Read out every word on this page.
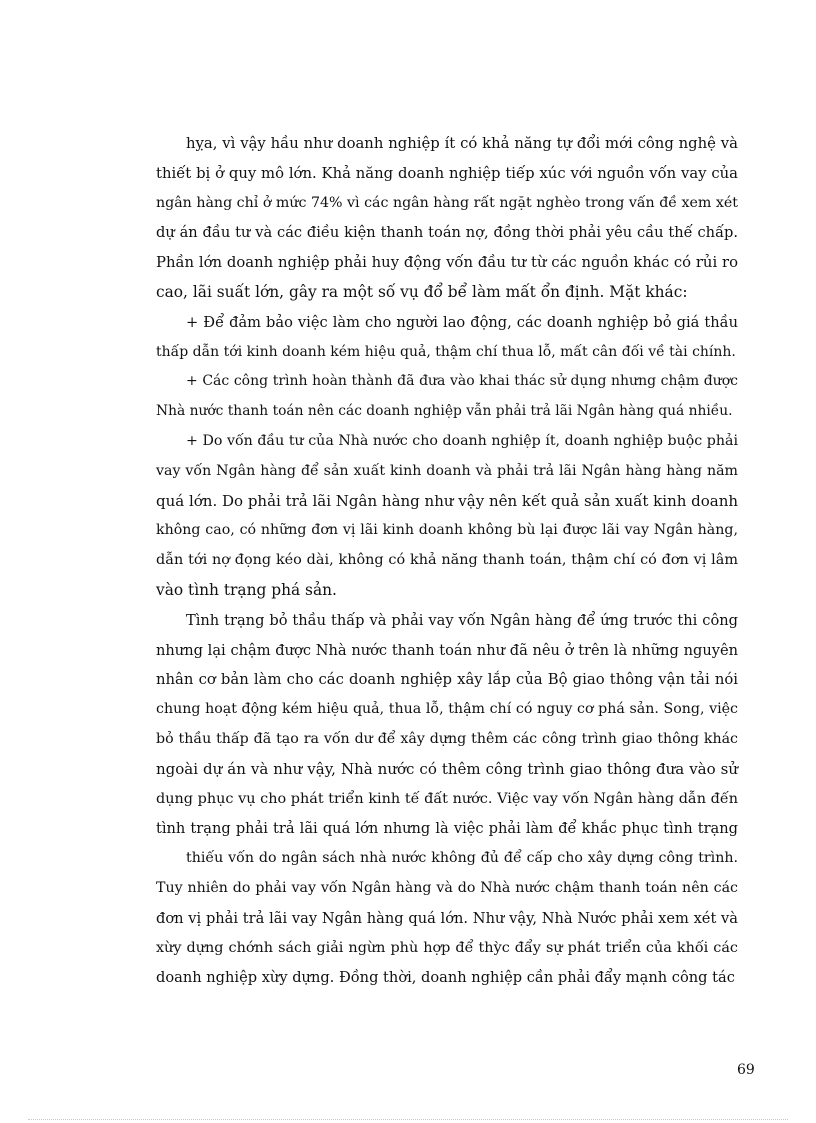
hỵa, vì vậy hầu như doanh nghiệp ít có khả năng tự đổi mới công nghệ và
thiết bị ở quy mô lớn. Khả năng doanh nghiệp tiếp xúc với nguồn vốn vay của
ngân hàng chỉ ở mức 74% vì các ngân hàng rất ngặt nghèo trong vấn đề xem xét
dự án đầu tư và các điều kiện thanh toán nợ, đồng thời phải yêu cầu thế chấp.
Phần lớn doanh nghiệp phải huy động vốn đầu tư từ các nguồn khác có rủi ro
cao, lãi suất lớn, gây ra một số vụ đổ bể làm mất ổn định. Mặt khác:
+ Để đảm bảo việc làm cho người lao động, các doanh nghiệp bỏ giá thầu
thấp dẫn tới kinh doanh kém hiệu quả, thậm chí thua lỗ, mất cân đối về tài chính.
+ Các công trình hoàn thành đã đưa vào khai thác sử dụng nhưng chậm được
Nhà nước thanh toán nên các doanh nghiệp vẫn phải trả lãi Ngân hàng quá nhiều.
+ Do vốn đầu tư của Nhà nước cho doanh nghiệp ít, doanh nghiệp buộc phải
vay vốn Ngân hàng để sản xuất kinh doanh và phải trả lãi Ngân hàng hàng năm
quá lớn. Do phải trả lãi Ngân hàng như vậy nên kết quả sản xuất kinh doanh
không cao, có những đơn vị lãi kinh doanh không bù lại được lãi vay Ngân hàng,
dẫn tới nợ đọng kéo dài, không có khả năng thanh toán, thậm chí có đơn vị lâm
vào tình trạng phá sản.
Tình trạng bỏ thầu thấp và phải vay vốn Ngân hàng để ứng trước thi công
nhưng lại chậm được Nhà nước thanh toán như đã nêu ở trên là những nguyên
nhân cơ bản làm cho các doanh nghiệp xây lắp của Bộ giao thông vận tải nói
chung hoạt động kém hiệu quả, thua lỗ, thậm chí có nguy cơ phá sản. Song, việc
bỏ thầu thấp đã tạo ra vốn dư để xây dựng thêm các công trình giao thông khác
ngoài dự án và như vậy, Nhà nước có thêm công trình giao thông đưa vào sử
dụng phục vụ cho phát triển kinh tế đất nước. Việc vay vốn Ngân hàng dẫn đến
tình trạng phải trả lãi quá lớn nhưng là việc phải làm để khắc phục tình trạng
thiếu vốn do ngân sách nhà nước không đủ để cấp cho xây dựng công trình.
Tuy nhiên do phải vay vốn Ngân hàng và do Nhà nước chậm thanh toán nên các
đơn vị phải trả lãi vay Ngân hàng quá lớn. Như vậy, Nhà Nước phải xem xét và
xừy dựng chớnh sách giải ngừn phù hợp để thỳc đẩy sự phát triển của khối các
doanh nghiệp xừy dựng. Đồng thời, doanh nghiệp cần phải đẩy mạnh công tác
69
